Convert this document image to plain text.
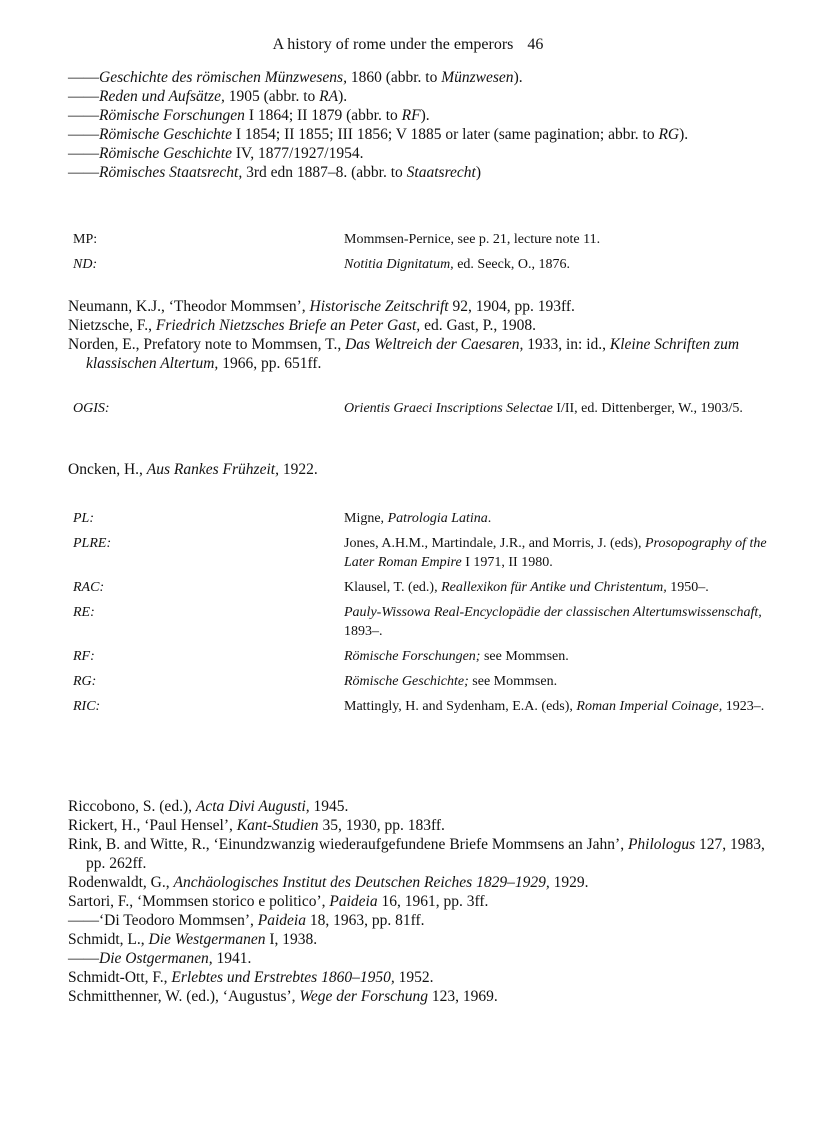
A history of rome under the emperors 46
——Geschichte des römischen Münzwesens, 1860 (abbr. to Münzwesen).
——Reden und Aufsätze, 1905 (abbr. to RA).
——Römische Forschungen I 1864; II 1879 (abbr. to RF).
——Römische Geschichte I 1854; II 1855; III 1856; V 1885 or later (same pagination; abbr. to RG).
——Römische Geschichte IV, 1877/1927/1954.
——Römisches Staatsrecht, 3rd edn 1887–8. (abbr. to Staatsrecht)
MP:	Mommsen-Pernice, see p. 21, lecture note 11.
ND:	Notitia Dignitatum, ed. Seeck, O., 1876.
Neumann, K.J., ‘Theodor Mommsen’, Historische Zeitschrift 92, 1904, pp. 193ff.
Nietzsche, F., Friedrich Nietzsches Briefe an Peter Gast, ed. Gast, P., 1908.
Norden, E., Prefatory note to Mommsen, T., Das Weltreich der Caesaren, 1933, in: id., Kleine Schriften zum klassischen Altertum, 1966, pp. 651ff.
OGIS:	Orientis Graeci Inscriptions Selectae I/II, ed. Dittenberger, W., 1903/5.
Oncken, H., Aus Rankes Frühzeit, 1922.
PL:	Migne, Patrologia Latina.
PLRE:	Jones, A.H.M., Martindale, J.R., and Morris, J. (eds), Prosopography of the Later Roman Empire I 1971, II 1980.
RAC:	Klausel, T. (ed.), Reallexikon für Antike und Christentum, 1950–.
RE:	Pauly-Wissowa Real-Encyclopädie der classischen Altertumswissenschaft, 1893–.
RF:	Römische Forschungen; see Mommsen.
RG:	Römische Geschichte; see Mommsen.
RIC:	Mattingly, H. and Sydenham, E.A. (eds), Roman Imperial Coinage, 1923–.
Riccobono, S. (ed.), Acta Divi Augusti, 1945.
Rickert, H., ‘Paul Hensel’, Kant-Studien 35, 1930, pp. 183ff.
Rink, B. and Witte, R., ‘Einundzwanzig wiederaufgefundene Briefe Mommsens an Jahn’, Philologus 127, 1983, pp. 262ff.
Rodenwaldt, G., Anchäologisches Institut des Deutschen Reiches 1829–1929, 1929.
Sartori, F., ‘Mommsen storico e politico’, Paideia 16, 1961, pp. 3ff.
——‘Di Teodoro Mommsen’, Paideia 18, 1963, pp. 81ff.
Schmidt, L., Die Westgermanen I, 1938.
——Die Ostgermanen, 1941.
Schmidt-Ott, F., Erlebtes und Erstrebtes 1860–1950, 1952.
Schmitthenner, W. (ed.), ‘Augustus’, Wege der Forschung 123, 1969.
